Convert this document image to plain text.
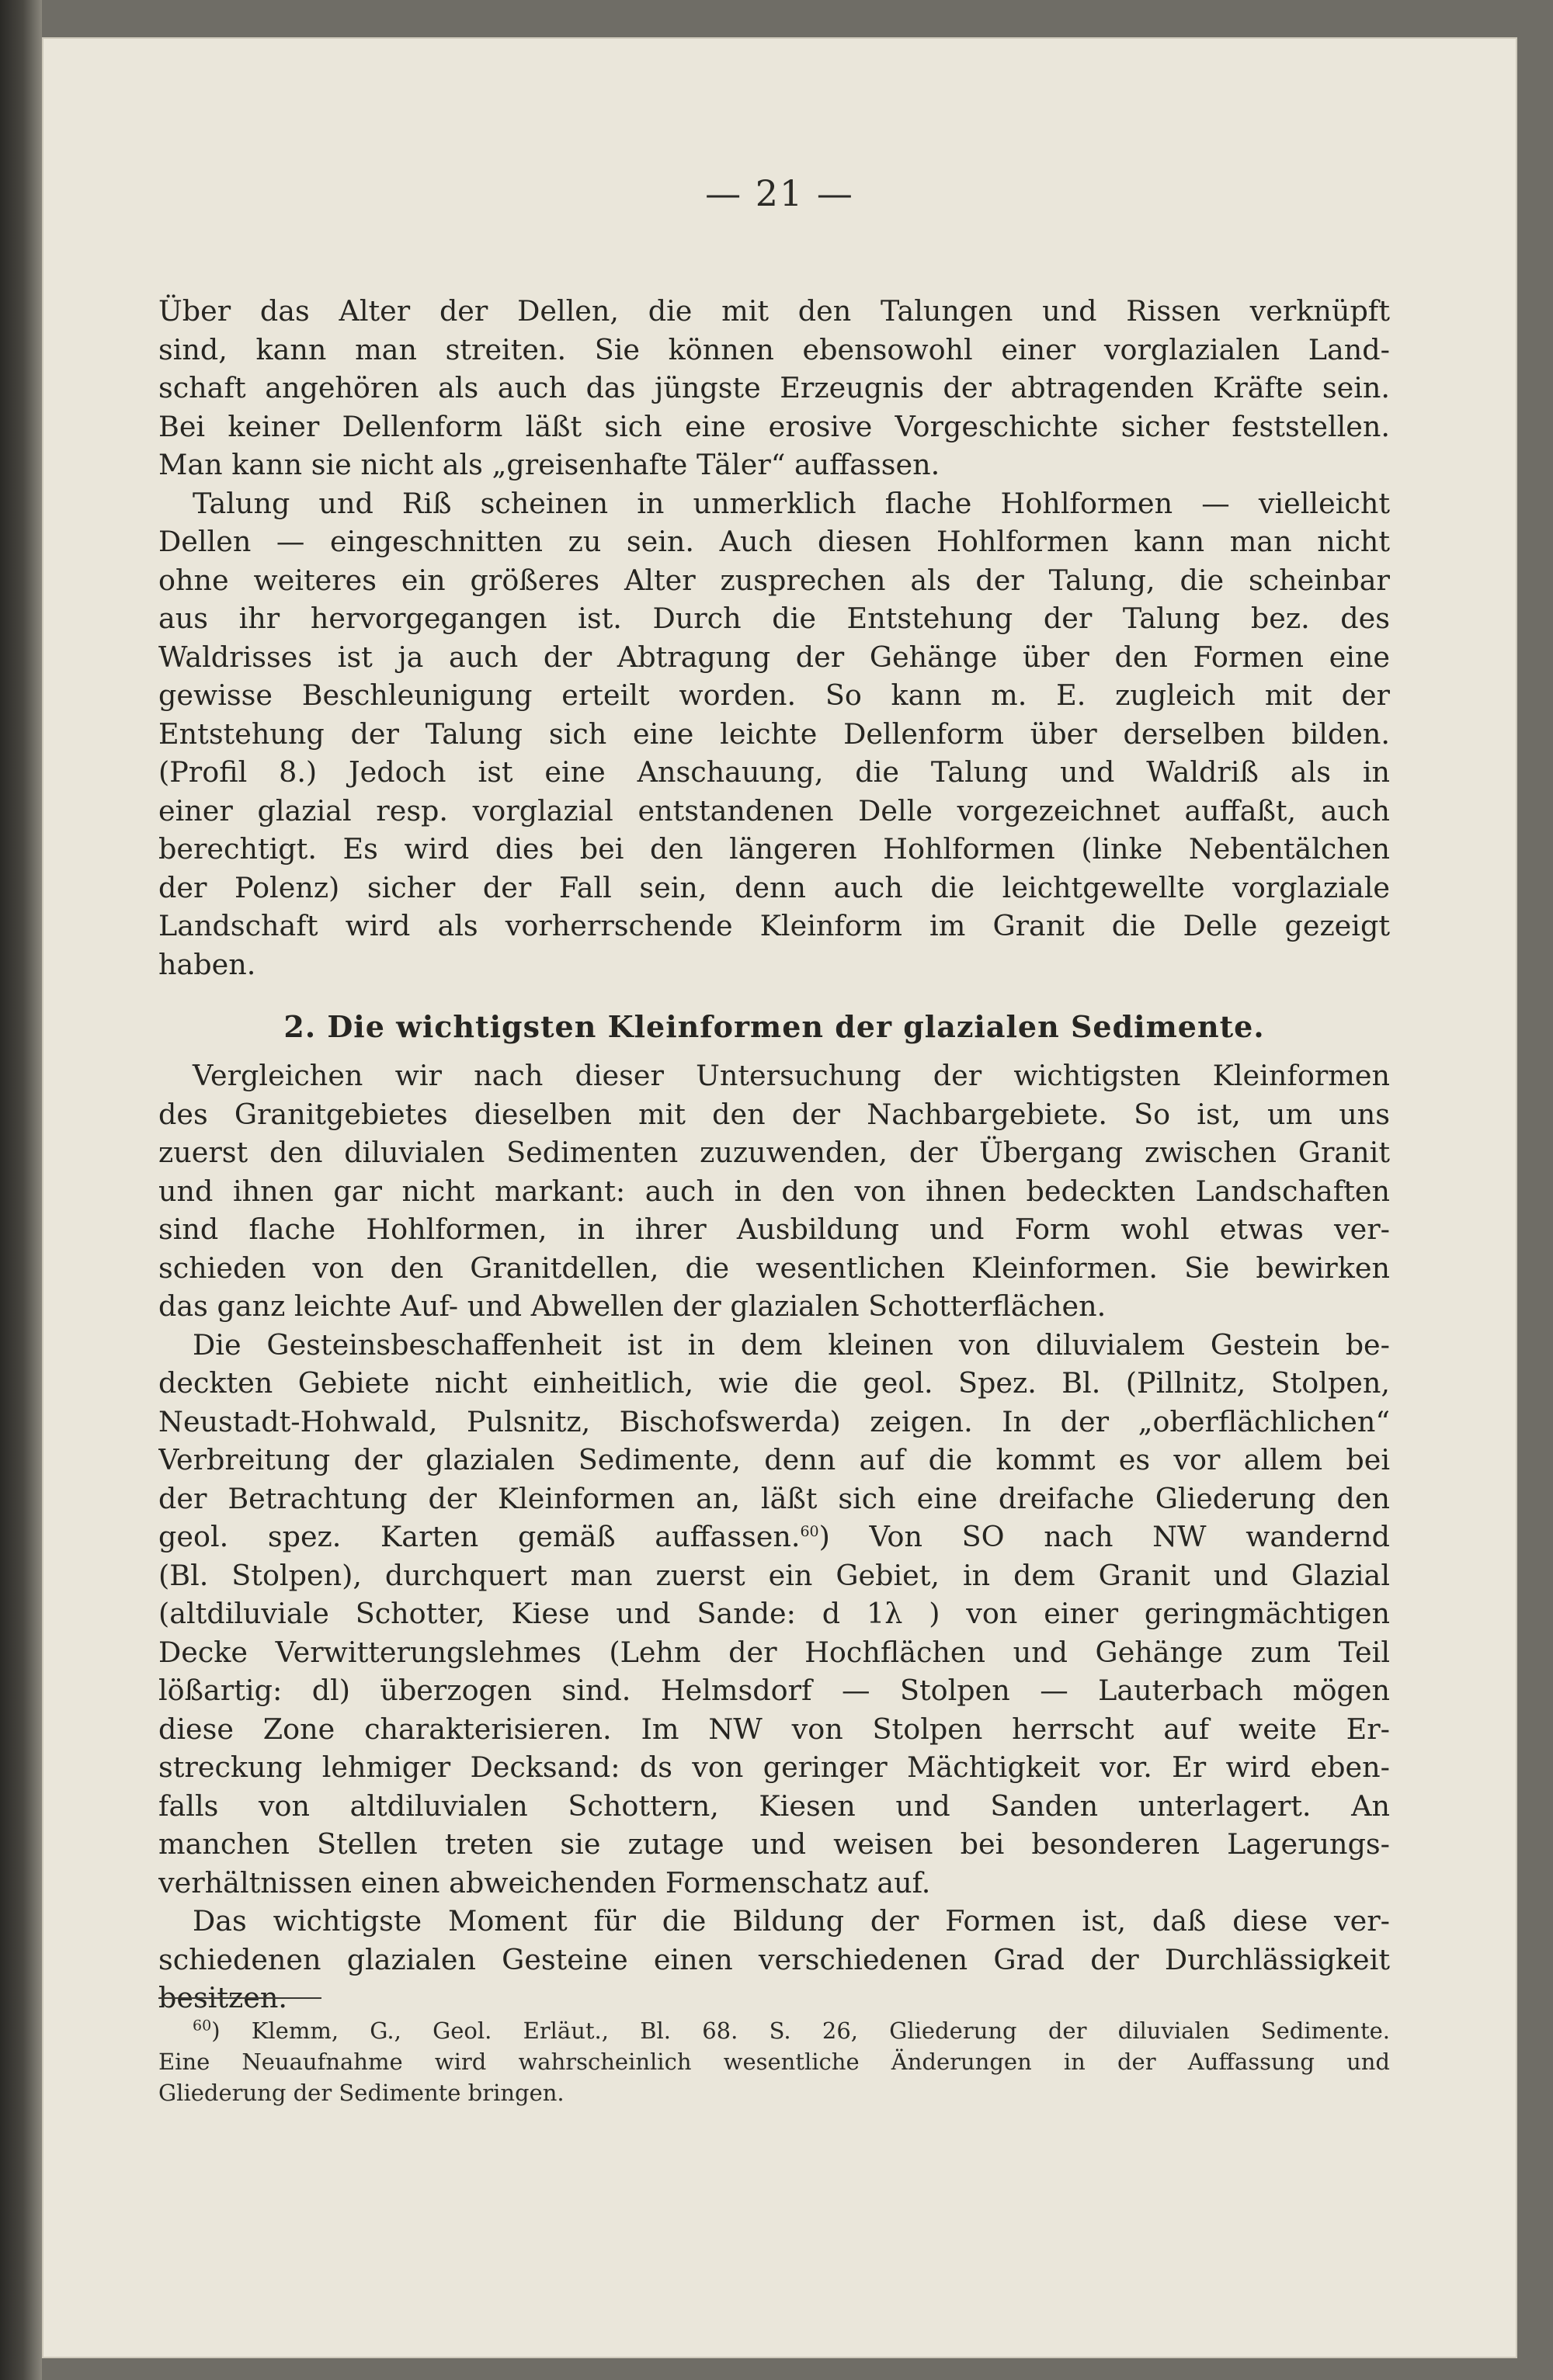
— 21 —
Über das Alter der Dellen, die mit den Talungen und Rissen verknüpft
sind, kann man streiten. Sie können ebensowohl einer vorglazialen Land-
schaft angehören als auch das jüngste Erzeugnis der abtragenden Kräfte sein.
Bei keiner Dellenform läßt sich eine erosive Vorgeschichte sicher feststellen.
Man kann sie nicht als „greisenhafte Täler“ auffassen.
Talung und Riß scheinen in unmerklich flache Hohlformen — vielleicht
Dellen — eingeschnitten zu sein. Auch diesen Hohlformen kann man nicht
ohne weiteres ein größeres Alter zusprechen als der Talung, die scheinbar
aus ihr hervorgegangen ist. Durch die Entstehung der Talung bez. des
Waldrisses ist ja auch der Abtragung der Gehänge über den Formen eine
gewisse Beschleunigung erteilt worden. So kann m. E. zugleich mit der
Entstehung der Talung sich eine leichte Dellenform über derselben bilden.
(Profil 8.) Jedoch ist eine Anschauung, die Talung und Waldriß als in
einer glazial resp. vorglazial entstandenen Delle vorgezeichnet auffaßt, auch
berechtigt. Es wird dies bei den längeren Hohlformen (linke Nebentälchen
der Polenz) sicher der Fall sein, denn auch die leichtgewellte vorglaziale
Landschaft wird als vorherrschende Kleinform im Granit die Delle gezeigt
haben.
2. Die wichtigsten Kleinformen der glazialen Sedimente.
Vergleichen wir nach dieser Untersuchung der wichtigsten Kleinformen
des Granitgebietes dieselben mit den der Nachbargebiete. So ist, um uns
zuerst den diluvialen Sedimenten zuzuwenden, der Übergang zwischen Granit
und ihnen gar nicht markant: auch in den von ihnen bedeckten Landschaften
sind flache Hohlformen, in ihrer Ausbildung und Form wohl etwas ver-
schieden von den Granitdellen, die wesentlichen Kleinformen. Sie bewirken
das ganz leichte Auf- und Abwellen der glazialen Schotterflächen.
Die Gesteinsbeschaffenheit ist in dem kleinen von diluvialem Gestein be-
deckten Gebiete nicht einheitlich, wie die geol. Spez. Bl. (Pillnitz, Stolpen,
Neustadt-Hohwald, Pulsnitz, Bischofswerda) zeigen. In der „oberflächlichen“
Verbreitung der glazialen Sedimente, denn auf die kommt es vor allem bei
der Betrachtung der Kleinformen an, läßt sich eine dreifache Gliederung den
geol. spez. Karten gemäß auffassen.$^{60}$) Von SO nach NW wandernd
(Bl. Stolpen), durchquert man zuerst ein Gebiet, in dem Granit und Glazial
(altdiluviale Schotter, Kiese und Sande: d 1λ ) von einer geringmächtigen
Decke Verwitterungslehmes (Lehm der Hochflächen und Gehänge zum Teil
lößartig: dl) überzogen sind. Helmsdorf — Stolpen — Lauterbach mögen
diese Zone charakterisieren. Im NW von Stolpen herrscht auf weite Er-
streckung lehmiger Decksand: ds von geringer Mächtigkeit vor. Er wird eben-
falls von altdiluvialen Schottern, Kiesen und Sanden unterlagert. An
manchen Stellen treten sie zutage und weisen bei besonderen Lagerungs-
verhältnissen einen abweichenden Formenschatz auf.
Das wichtigste Moment für die Bildung der Formen ist, daß diese ver-
schiedenen glazialen Gesteine einen verschiedenen Grad der Durchlässigkeit
besitzen.
$^{60}$) Klemm, G., Geol. Erläut., Bl. 68. S. 26, Gliederung der diluvialen Sedimente.
Eine Neuaufnahme wird wahrscheinlich wesentliche Änderungen in der Auffassung und
Gliederung der Sedimente bringen.
